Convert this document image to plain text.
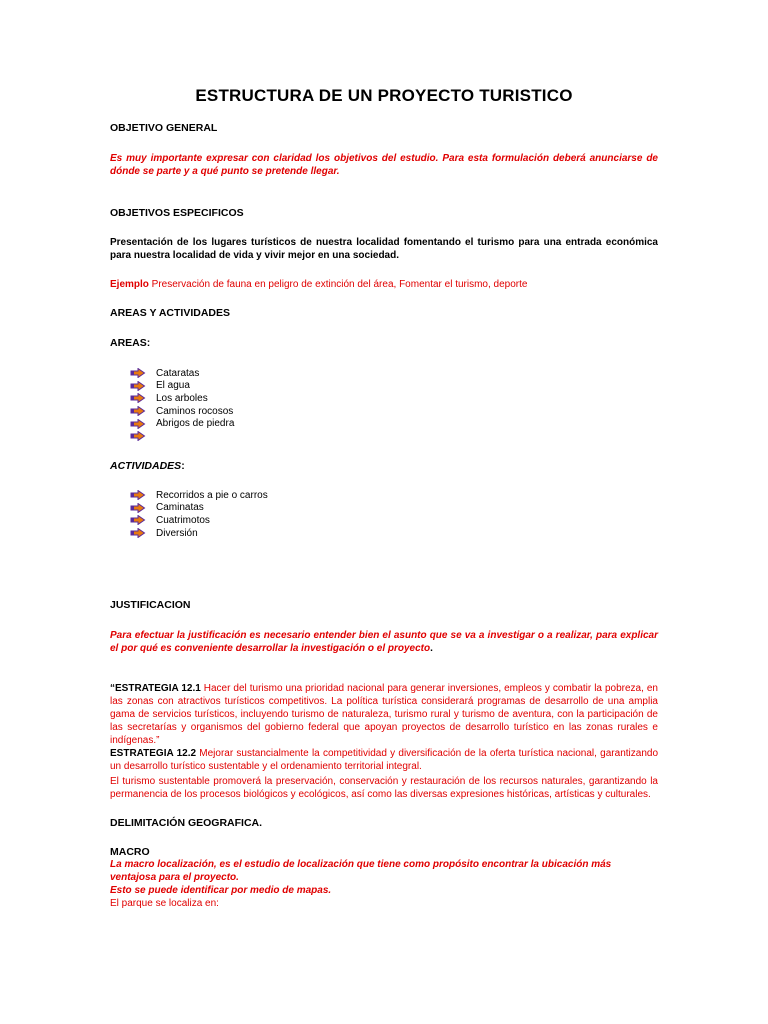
ESTRUCTURA DE UN PROYECTO TURISTICO
OBJETIVO GENERAL
Es muy importante expresar con claridad los objetivos del estudio. Para esta formulación deberá anunciarse de dónde se parte y a qué punto se pretende llegar.
OBJETIVOS ESPECIFICOS
Presentación de los lugares turísticos de nuestra localidad fomentando el turismo para una entrada económica para nuestra localidad de vida y vivir mejor en una sociedad.
Ejemplo Preservación de fauna en peligro de extinción del área, Fomentar el turismo, deporte
AREAS Y ACTIVIDADES
AREAS:
Cataratas
El agua
Los arboles
Caminos rocosos
Abrigos de piedra
ACTIVIDADES:
Recorridos a pie o carros
Caminatas
Cuatrimotos
Diversión
JUSTIFICACION
Para efectuar la justificación es necesario entender bien el asunto que se va a investigar o a realizar, para explicar el por qué es conveniente desarrollar la investigación o el proyecto.
“ESTRATEGIA 12.1 Hacer del turismo una prioridad nacional para generar inversiones, empleos y combatir la pobreza, en las zonas con atractivos turísticos competitivos. La política turística considerará programas de desarrollo de una amplia gama de servicios turísticos, incluyendo turismo de naturaleza, turismo rural y turismo de aventura, con la participación de las secretarías y organismos del gobierno federal que apoyan proyectos de desarrollo turístico en las zonas rurales e indígenas.”
ESTRATEGIA 12.2 Mejorar sustancialmente la competitividad y diversificación de la oferta turística nacional, garantizando un desarrollo turístico sustentable y el ordenamiento territorial integral.
El turismo sustentable promoverá la preservación, conservación y restauración de los recursos naturales, garantizando la permanencia de los procesos biológicos y ecológicos, así como las diversas expresiones históricas, artísticas y culturales.
DELIMITACIÓN GEOGRAFICA.
MACRO
La macro localización, es el estudio de localización que tiene como propósito encontrar la ubicación más ventajosa para el proyecto.
Esto se puede identificar por medio de mapas.
El parque se localiza en:
